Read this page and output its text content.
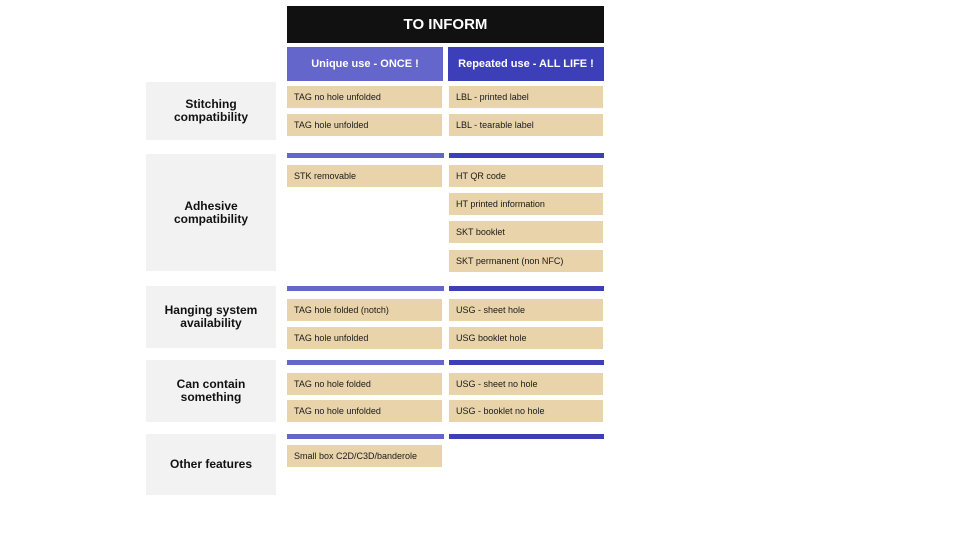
TO INFORM
Unique use - ONCE !	Repeated use - ALL LIFE !
Stitching
compatibility
TAG no hole unfolded
TAG hole unfolded
LBL - printed label
LBL - tearable label
Adhesive
compatibility
STK removable	HT QR code
HT printed information
SKT booklet
SKT permanent (non NFC)
Hanging system
availability
TAG hole folded (notch)
TAG hole unfolded
USG - sheet hole
USG booklet hole
Can contain
something
TAG no hole folded
TAG no hole unfolded
USG - sheet no hole
USG - booklet no hole
Other features
Small box C2D/C3D/banderole
